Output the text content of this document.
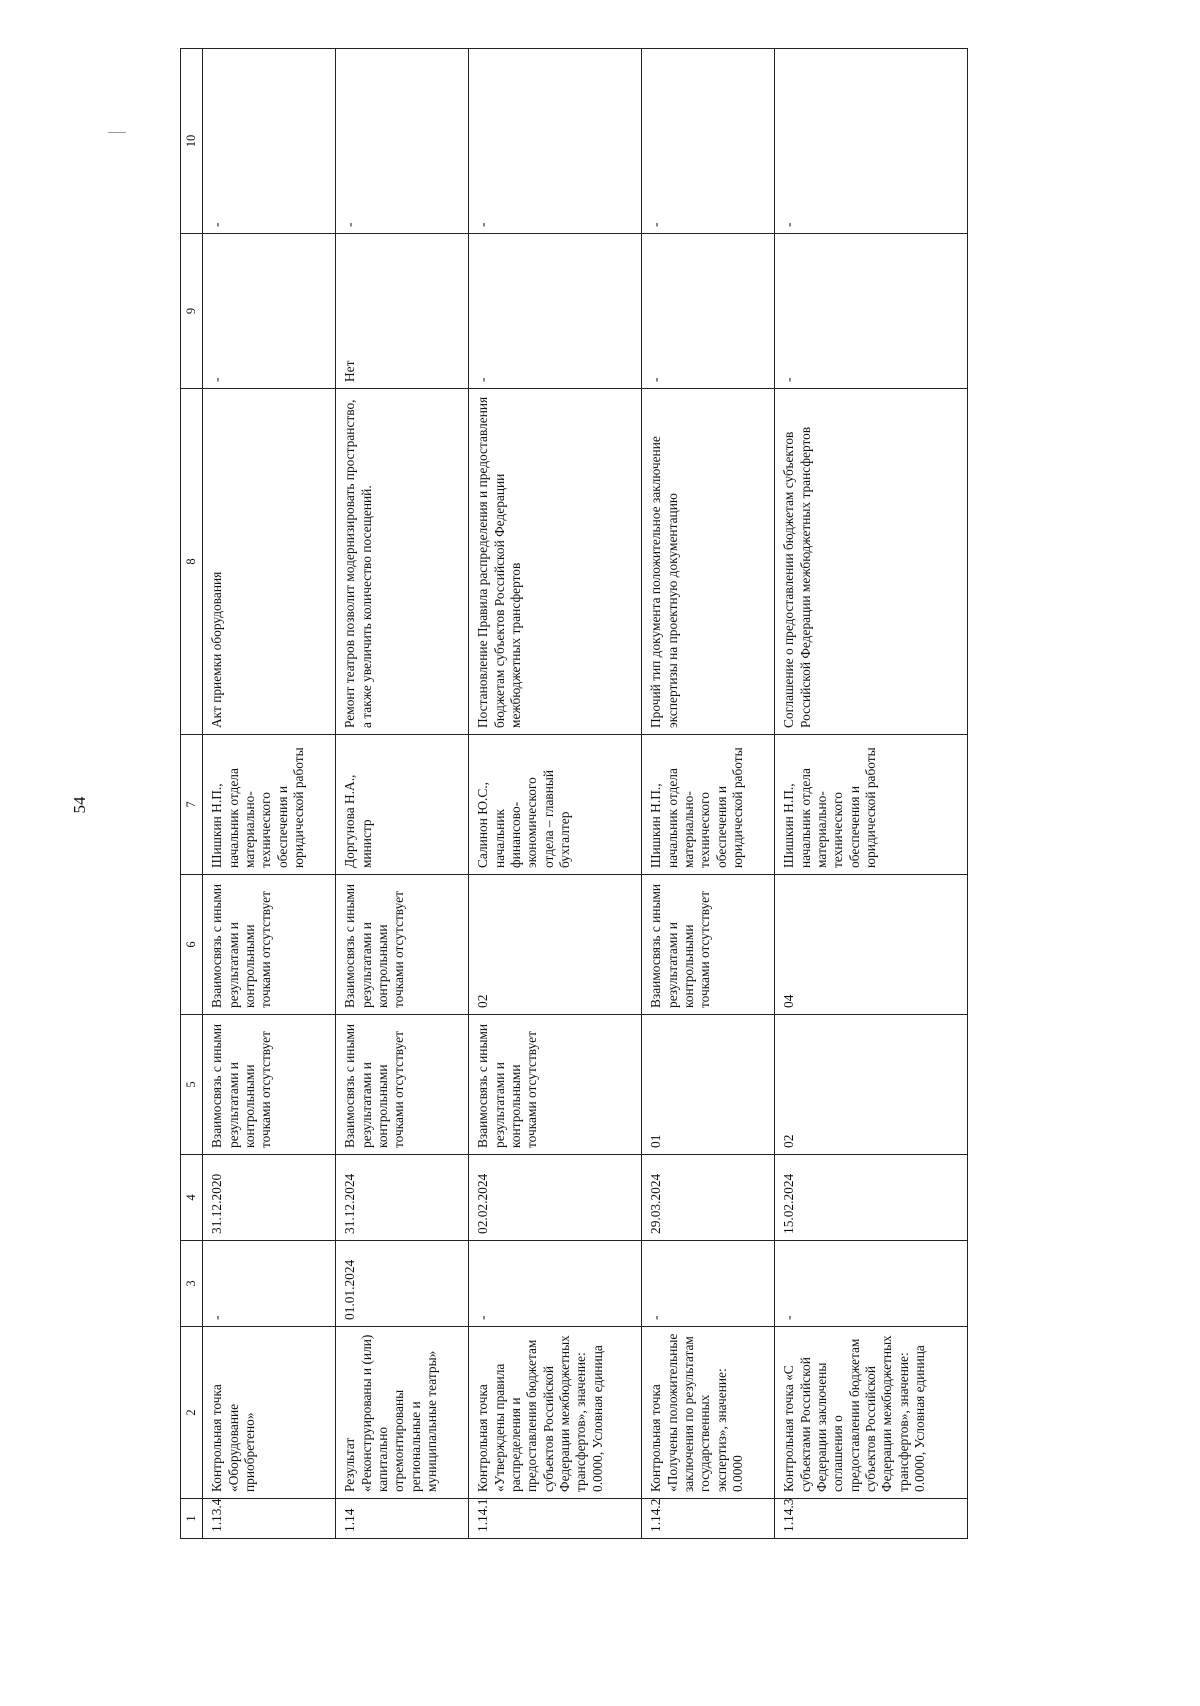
54
1	2	3	4	5	6	7	8	9	10
1.13.4	Контрольная точка «Оборудование приобретено»	-	31.12.2020	Взаимосвязь с иными результатами и контрольными точками отсутствует	Взаимосвязь с иными результатами и контрольными точками отсутствует	Шишкин Н.П., начальник отдела материально-технического обеспечения и юридической работы	Акт приемки оборудования	-	-
1.14	Результат «Реконструированы и (или) капитально отремонтированы региональные и муниципальные театры»	01.01.2024	31.12.2024	Взаимосвязь с иными результатами и контрольными точками отсутствует	Взаимосвязь с иными результатами и контрольными точками отсутствует	Доргунова Н.А., министр	Ремонт театров позволит модернизировать пространство, а также увеличить количество посещений.	Нет	-
1.14.1	Контрольная точка «Утверждены правила распределения и предоставления бюджетам субъектов Российской Федерации межбюджетных трансфертов», значение: 0.0000, Условная единица	-	02.02.2024	Взаимосвязь с иными результатами и контрольными точками отсутствует	02	Салинон Ю.С., начальник финансово-экономического отдела – главный бухгалтер	Постановление Правила распределения и предоставления бюджетам субъектов Российской Федерации межбюджетных трансфертов	-	-
1.14.2	Контрольная точка «Получены положительные заключения по результатам государственных экспертиз», значение: 0.0000	-	29.03.2024	01	Взаимосвязь с иными результатами и контрольными точками отсутствует	Шишкин Н.П., начальник отдела материально-технического обеспечения и юридической работы	Прочий тип документа положительное заключение экспертизы на проектную документацию	-	-
1.14.3	Контрольная точка «С субъектами Российской Федерации заключены соглашения о предоставлении бюджетам субъектов Российской Федерации межбюджетных трансфертов», значение: 0.0000, Условная единица	-	15.02.2024	02	04	Шишкин Н.П., начальник отдела материально-технического обеспечения и юридической работы	Соглашение о предоставлении бюджетам субъектов Российской Федерации межбюджетных трансфертов	-	-
